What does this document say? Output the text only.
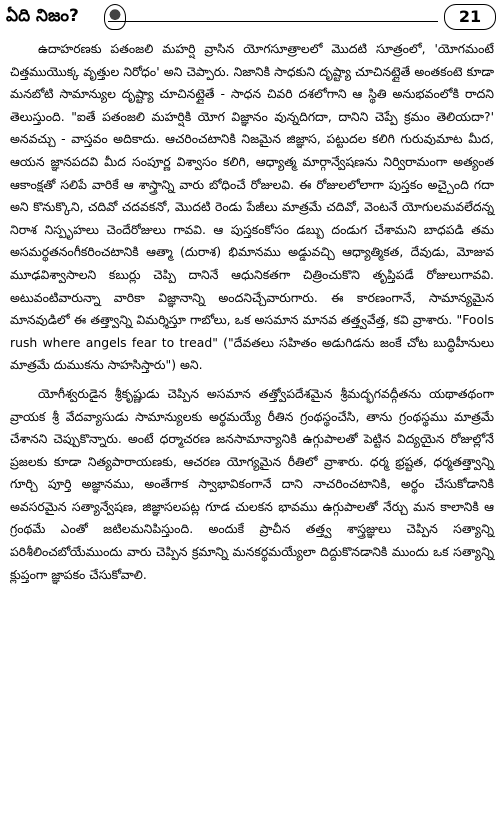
ఏది నిజం?	21

ఉదాహరణకు పతంజలి మహర్షి వ్రాసిన యోగసూత్రాలలో మొదటి సూత్రంలో, 'యోగమంటే చిత్తముయొక్క వృత్తుల నిరోధం' అని చెప్పారు. నిజానికి సాధకుని దృష్ట్యా చూచినట్లైతే అంతకంటె కూడా మనబోటి సామాన్యుల దృష్ట్యా చూచినట్లైతే - సాధన చివరి దశలోగాని ఆ స్థితి అనుభవంలోకి రాదని తెలుస్తుంది. "ఐతే పతంజలి మహర్షికి యోగ విజ్ఞానం వున్నదిగదా, దానిని చెప్పే క్రమం తెలియదా?' అనవచ్చు - వాస్తవం అదికాదు. ఆచరించటానికి నిజమైన జిజ్ఞాస, పట్టుదల కలిగి గురువుమాట మీద, ఆయన జ్ఞానపదవి మీద సంపూర్ణ విశ్వాసం కలిగి, ఆధ్యాత్మ మార్గాన్వేషణను నిర్విరామంగా అత్యంత ఆకాంక్షతో సలిపే వారికే ఆ శాస్త్రాన్ని వారు బోధించే రోజులవి. ఈ రోజులలోలాగా పుస్తకం అచ్చైంది గదా అని కొనుక్కొని, చదివో చదవకనో, మొదటి రెండు పేజీలు మాత్రమే చదివో, వెంటనే యోగులమవలేదన్న నిరాశ నిస్పృహలు చెందేరోజులు గావవి. ఆ పుస్తకంకోసం డబ్బు దండుగ చేశామని బాధపడి తమ అసమర్థతనంగీకరించటానికి ఆత్మా (దురాశ) భిమానము అడ్డువచ్చి ఆధ్యాత్మికత, దేవుడు, మోజువ మూఢవిశ్వాసాలని కబుర్లు చెప్పి దానినే ఆధునికతగా చిత్రించుకొని తృప్తిపడే రోజులుగావవి. అటువంటివారున్నా వారికా విజ్ఞానాన్ని అందనిచ్చేవారుగారు. ఈ కారణంగానే, సామాన్యమైన మానవుడిలో ఈ తత్త్వాన్ని విమర్శిస్తూ గాబోలు, ఒక అసమాన మానవ తత్త్వవేత్త, కవి వ్రాశారు. "Fools rush where angels fear to tread" ("దేవతలు సహితం అడుగిడను జంకే చోట బుద్ధిహీనులు మాత్రమే దుముకను సాహసిస్తారు") అని.

యోగీశ్వరుడైన శ్రీకృష్ణుడు చెప్పిన అసమాన తత్త్వోపదేశమైన శ్రీమద్భగవద్గీతను యథాతథంగా వ్రాయక శ్రీ వేదవ్యాసుడు సామాన్యులకు అర్థమయ్యే రీతిన గ్రంథస్థంచేసి, తాను గ్రంథస్థము మాత్రమే చేశానని చెప్పుకొన్నారు. అంటే ధర్మాచరణ జనసామాన్యానికి ఉగ్గుపాలతో పెట్టిన విద్యయైన రోజుల్లోనే ప్రజలకు కూడా నిత్యపారాయణకు, ఆచరణ యోగ్యమైన రీతిలో వ్రాశారు. ధర్మ భ్రష్టత, ధర్మతత్త్వాన్ని గూర్చి పూర్తి అజ్ఞానము, అంతేగాక స్వాభావికంగానే దాని నాచరించటానికి, అర్థం చేసుకోడానికి అవసరమైన సత్యాన్వేషణ, జిజ్ఞాసలపట్ల గూడ చులకన భావము ఉగ్గుపాలతో నేర్చు మన కాలానికి ఆ గ్రంథమే ఎంతో జటిలమనిపిస్తుంది. అందుకే ప్రాచీన తత్త్వ శాస్త్రజ్ఞులు చెప్పిన సత్యాన్ని పరిశీలించబోయేముందు వారు చెప్పిన క్రమాన్ని మనకర్థమయ్యేలా దిద్దుకొనడానికి ముందు ఒక సత్యాన్ని క్లుప్తంగా జ్ఞాపకం చేసుకోవాలి.
